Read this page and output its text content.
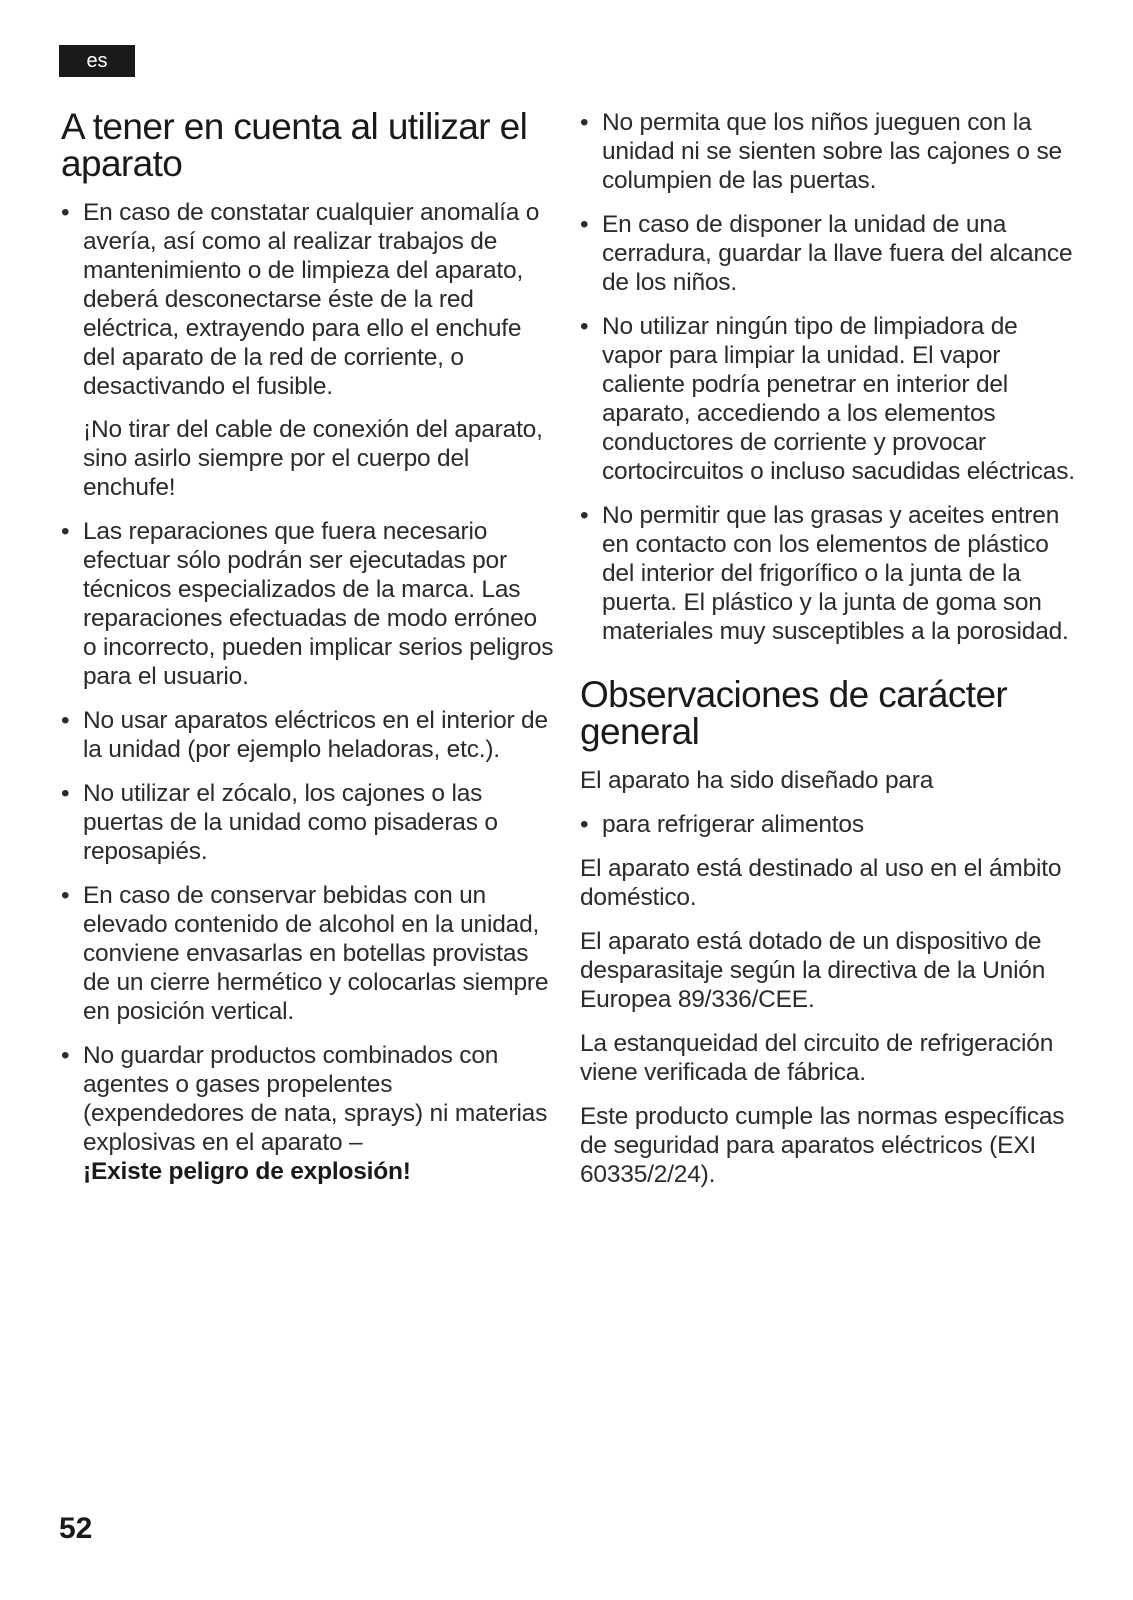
es
A tener en cuenta al utilizar el aparato
• En caso de constatar cualquier anomalía o avería, así como al realizar trabajos de mantenimiento o de limpieza del aparato, deberá desconectarse éste de la red eléctrica, extrayendo para ello el enchufe del aparato de la red de corriente, o desactivando el fusible.

¡No tirar del cable de conexión del aparato, sino asirlo siempre por el cuerpo del enchufe!

• Las reparaciones que fuera necesario efectuar sólo podrán ser ejecutadas por técnicos especializados de la marca. Las reparaciones efectuadas de modo erróneo o incorrecto, pueden implicar serios peligros para el usuario.

• No usar aparatos eléctricos en el interior de la unidad (por ejemplo heladoras, etc.).

• No utilizar el zócalo, los cajones o las puertas de la unidad como pisaderas o reposapiés.

• En caso de conservar bebidas con un elevado contenido de alcohol en la unidad, conviene envasarlas en botellas provistas de un cierre hermético y colocarlas siempre en posición vertical.

• No guardar productos combinados con agentes o gases propelentes (expendedores de nata, sprays) ni materias explosivas en el aparato –

¡Existe peligro de explosión!

• No permita que los niños jueguen con la unidad ni se sienten sobre las cajones o se columpien de las puertas.

• En caso de disponer la unidad de una cerradura, guardar la llave fuera del alcance de los niños.

• No utilizar ningún tipo de limpiadora de vapor para limpiar la unidad. El vapor caliente podría penetrar en interior del aparato, accediendo a los elementos conductores de corriente y provocar cortocircuitos o incluso sacudidas eléctricas.

• No permitir que las grasas y aceites entren en contacto con los elementos de plástico del interior del frigorífico o la junta de la puerta. El plástico y la junta de goma son materiales muy susceptibles a la porosidad.

Observaciones de carácter general

El aparato ha sido diseñado para

• para refrigerar alimentos

El aparato está destinado al uso en el ámbito doméstico.

El aparato está dotado de un dispositivo de desparasitaje según la directiva de la Unión Europea 89/336/CEE.

La estanqueidad del circuito de refrigeración viene verificada de fábrica.

Este producto cumple las normas específicas de seguridad para aparatos eléctricos (EXI 60335/2/24).

52
